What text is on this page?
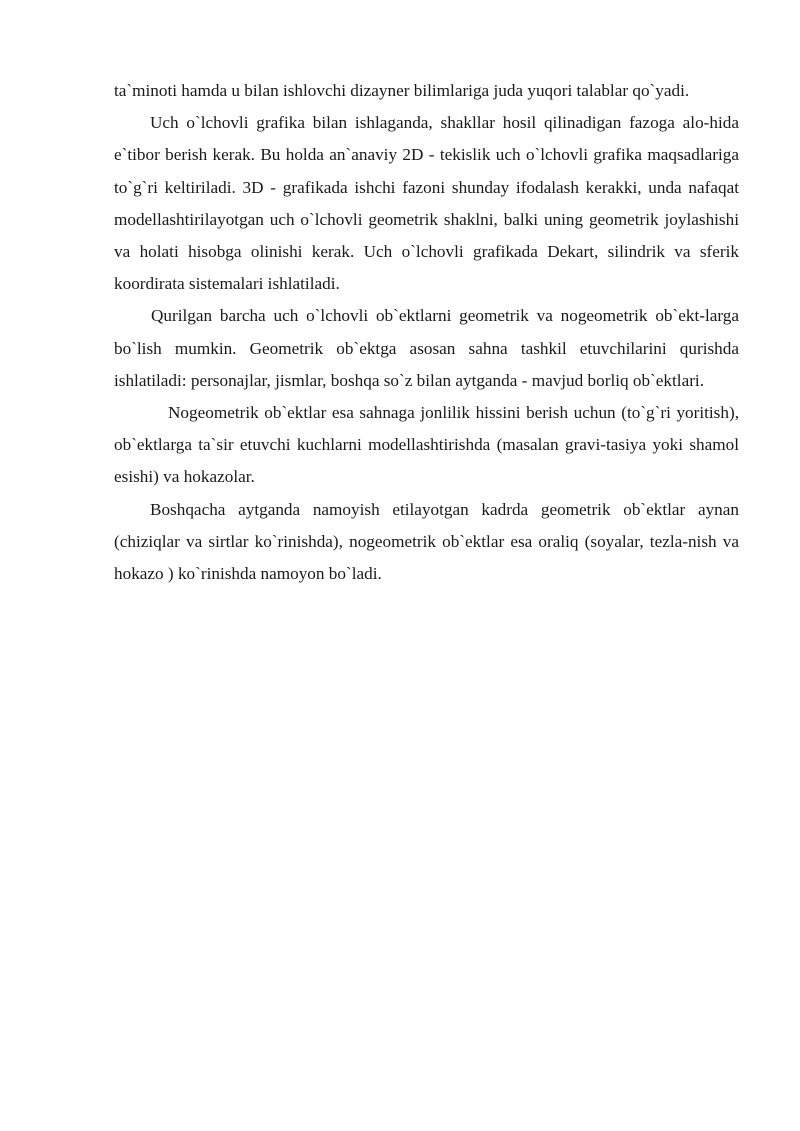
ta`minoti hamda u bilan ishlovchi dizayner bilimlariga juda yuqori talablar qo`yadi.

Uch o`lchovli grafika bilan ishlaganda, shakllar hosil qilinadigan fazoga alo-hida e`tibor berish kerak. Bu holda an`anaviy 2D - tekislik uch o`lchovli grafika maqsadlariga to`g`ri keltiriladi. 3D - grafikada ishchi fazoni shunday ifodalash kerakki, unda nafaqat modellashtirilayotgan uch o`lchovli geometrik shaklni, balki uning geometrik joylashishi va holati hisobga olinishi kerak. Uch o`lchovli grafikada Dekart, silindrik va sferik koordirata sistemalari ishlatiladi.

Qurilgan barcha uch o`lchovli ob`ektlarni geometrik va nogeometrik ob`ekt-larga bo`lish mumkin. Geometrik ob`ektga asosan sahna tashkil etuvchilarini qurishda ishlatiladi: personajlar, jismlar, boshqa so`z bilan aytganda - mavjud borliq ob`ektlari.

Nogeometrik ob`ektlar esa sahnaga jonlilik hissini berish uchun (to`g`ri yoritish), ob`ektlarga ta`sir etuvchi kuchlarni modellashtirishda (masalan gravi-tasiya yoki shamol esishi) va hokazolar.

Boshqacha aytganda namoyish etilayotgan kadrda geometrik ob`ektlar aynan (chiziqlar va sirtlar ko`rinishda), nogeometrik ob`ektlar esa oraliq (soyalar, tezla-nish va hokazo ) ko`rinishda namoyon bo`ladi.
